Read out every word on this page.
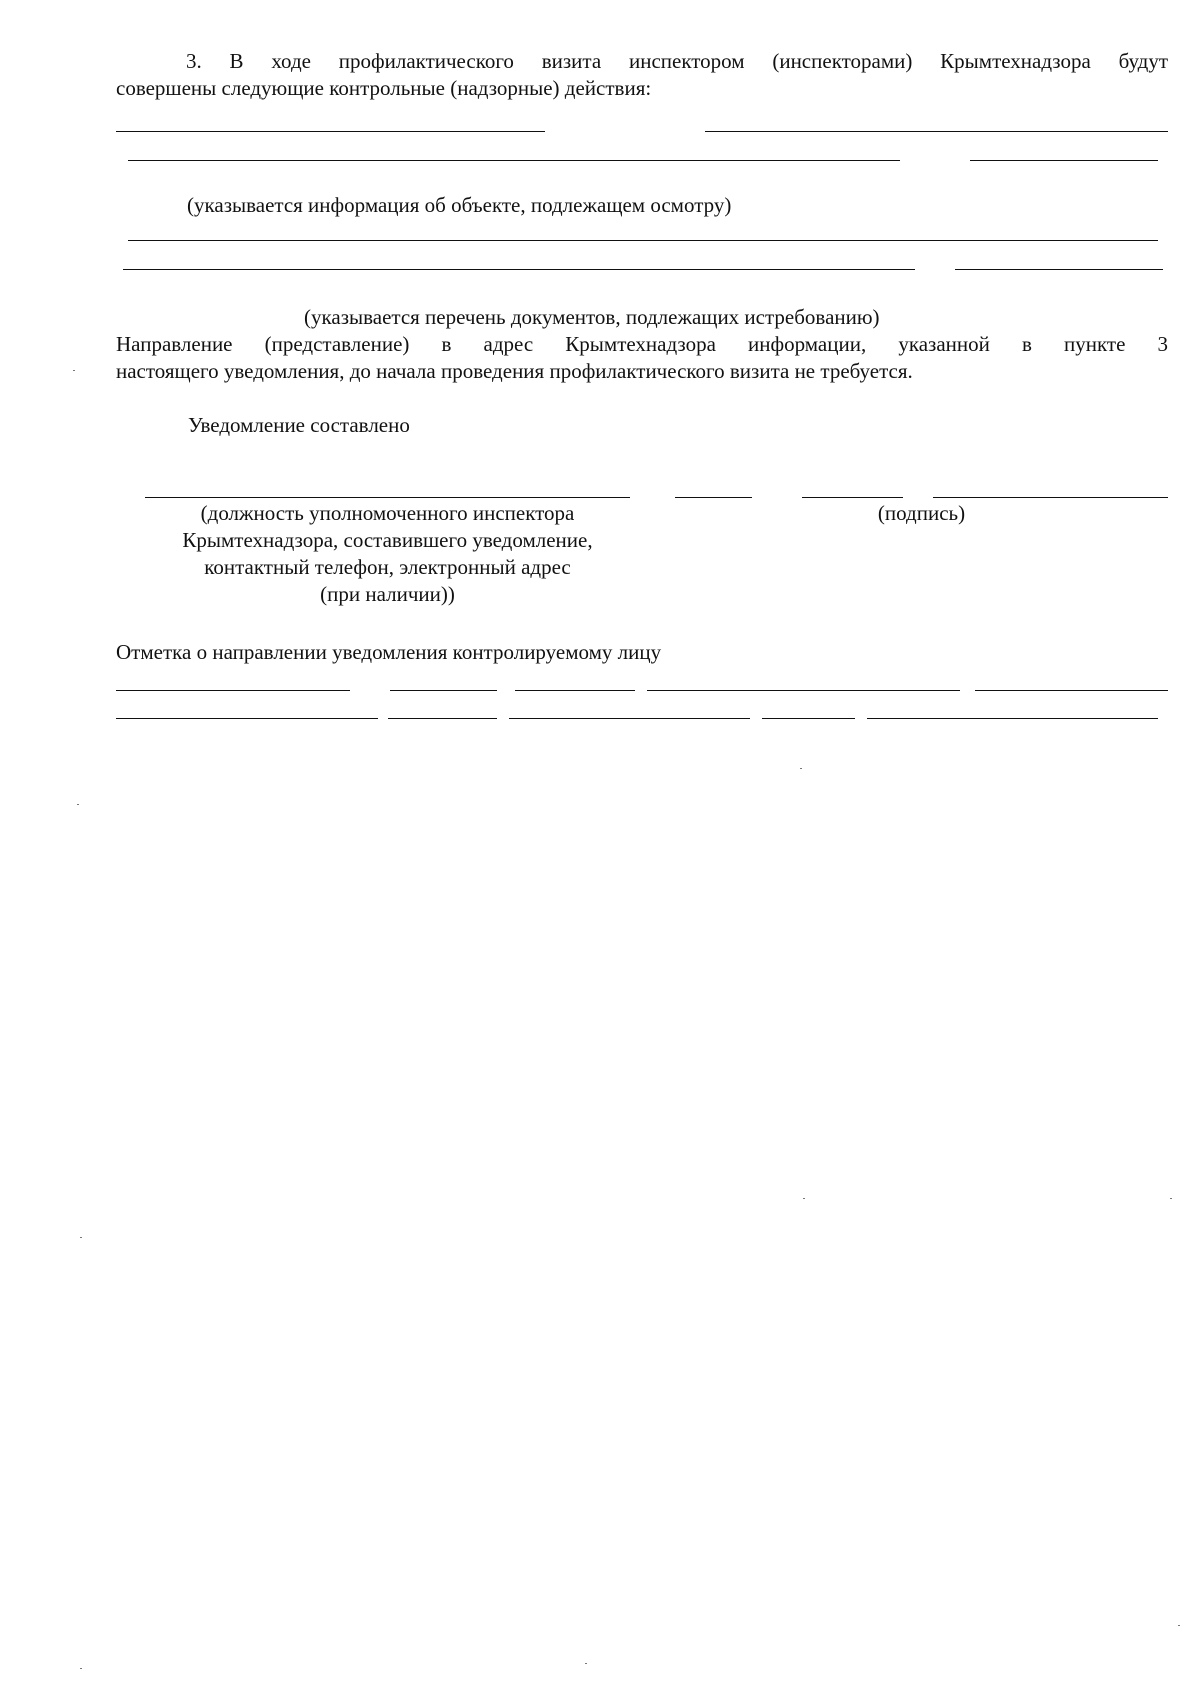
3. В ходе профилактического визита инспектором (инспекторами) Крымтехнадзора будут
совершены следующие контрольные (надзорные) действия:
(указывается информация об объекте, подлежащем осмотру)
(указывается перечень документов, подлежащих истребованию)
Направление (представление) в адрес Крымтехнадзора информации, указанной в пункте 3
настоящего уведомления, до начала проведения профилактического визита не требуется.
Уведомление составлено
(должность уполномоченного инспектора
Крымтехнадзора, составившего уведомление,
контактный телефон, электронный адрес
(при наличии))
(подпись)
Отметка о направлении уведомления контролируемому лицу
